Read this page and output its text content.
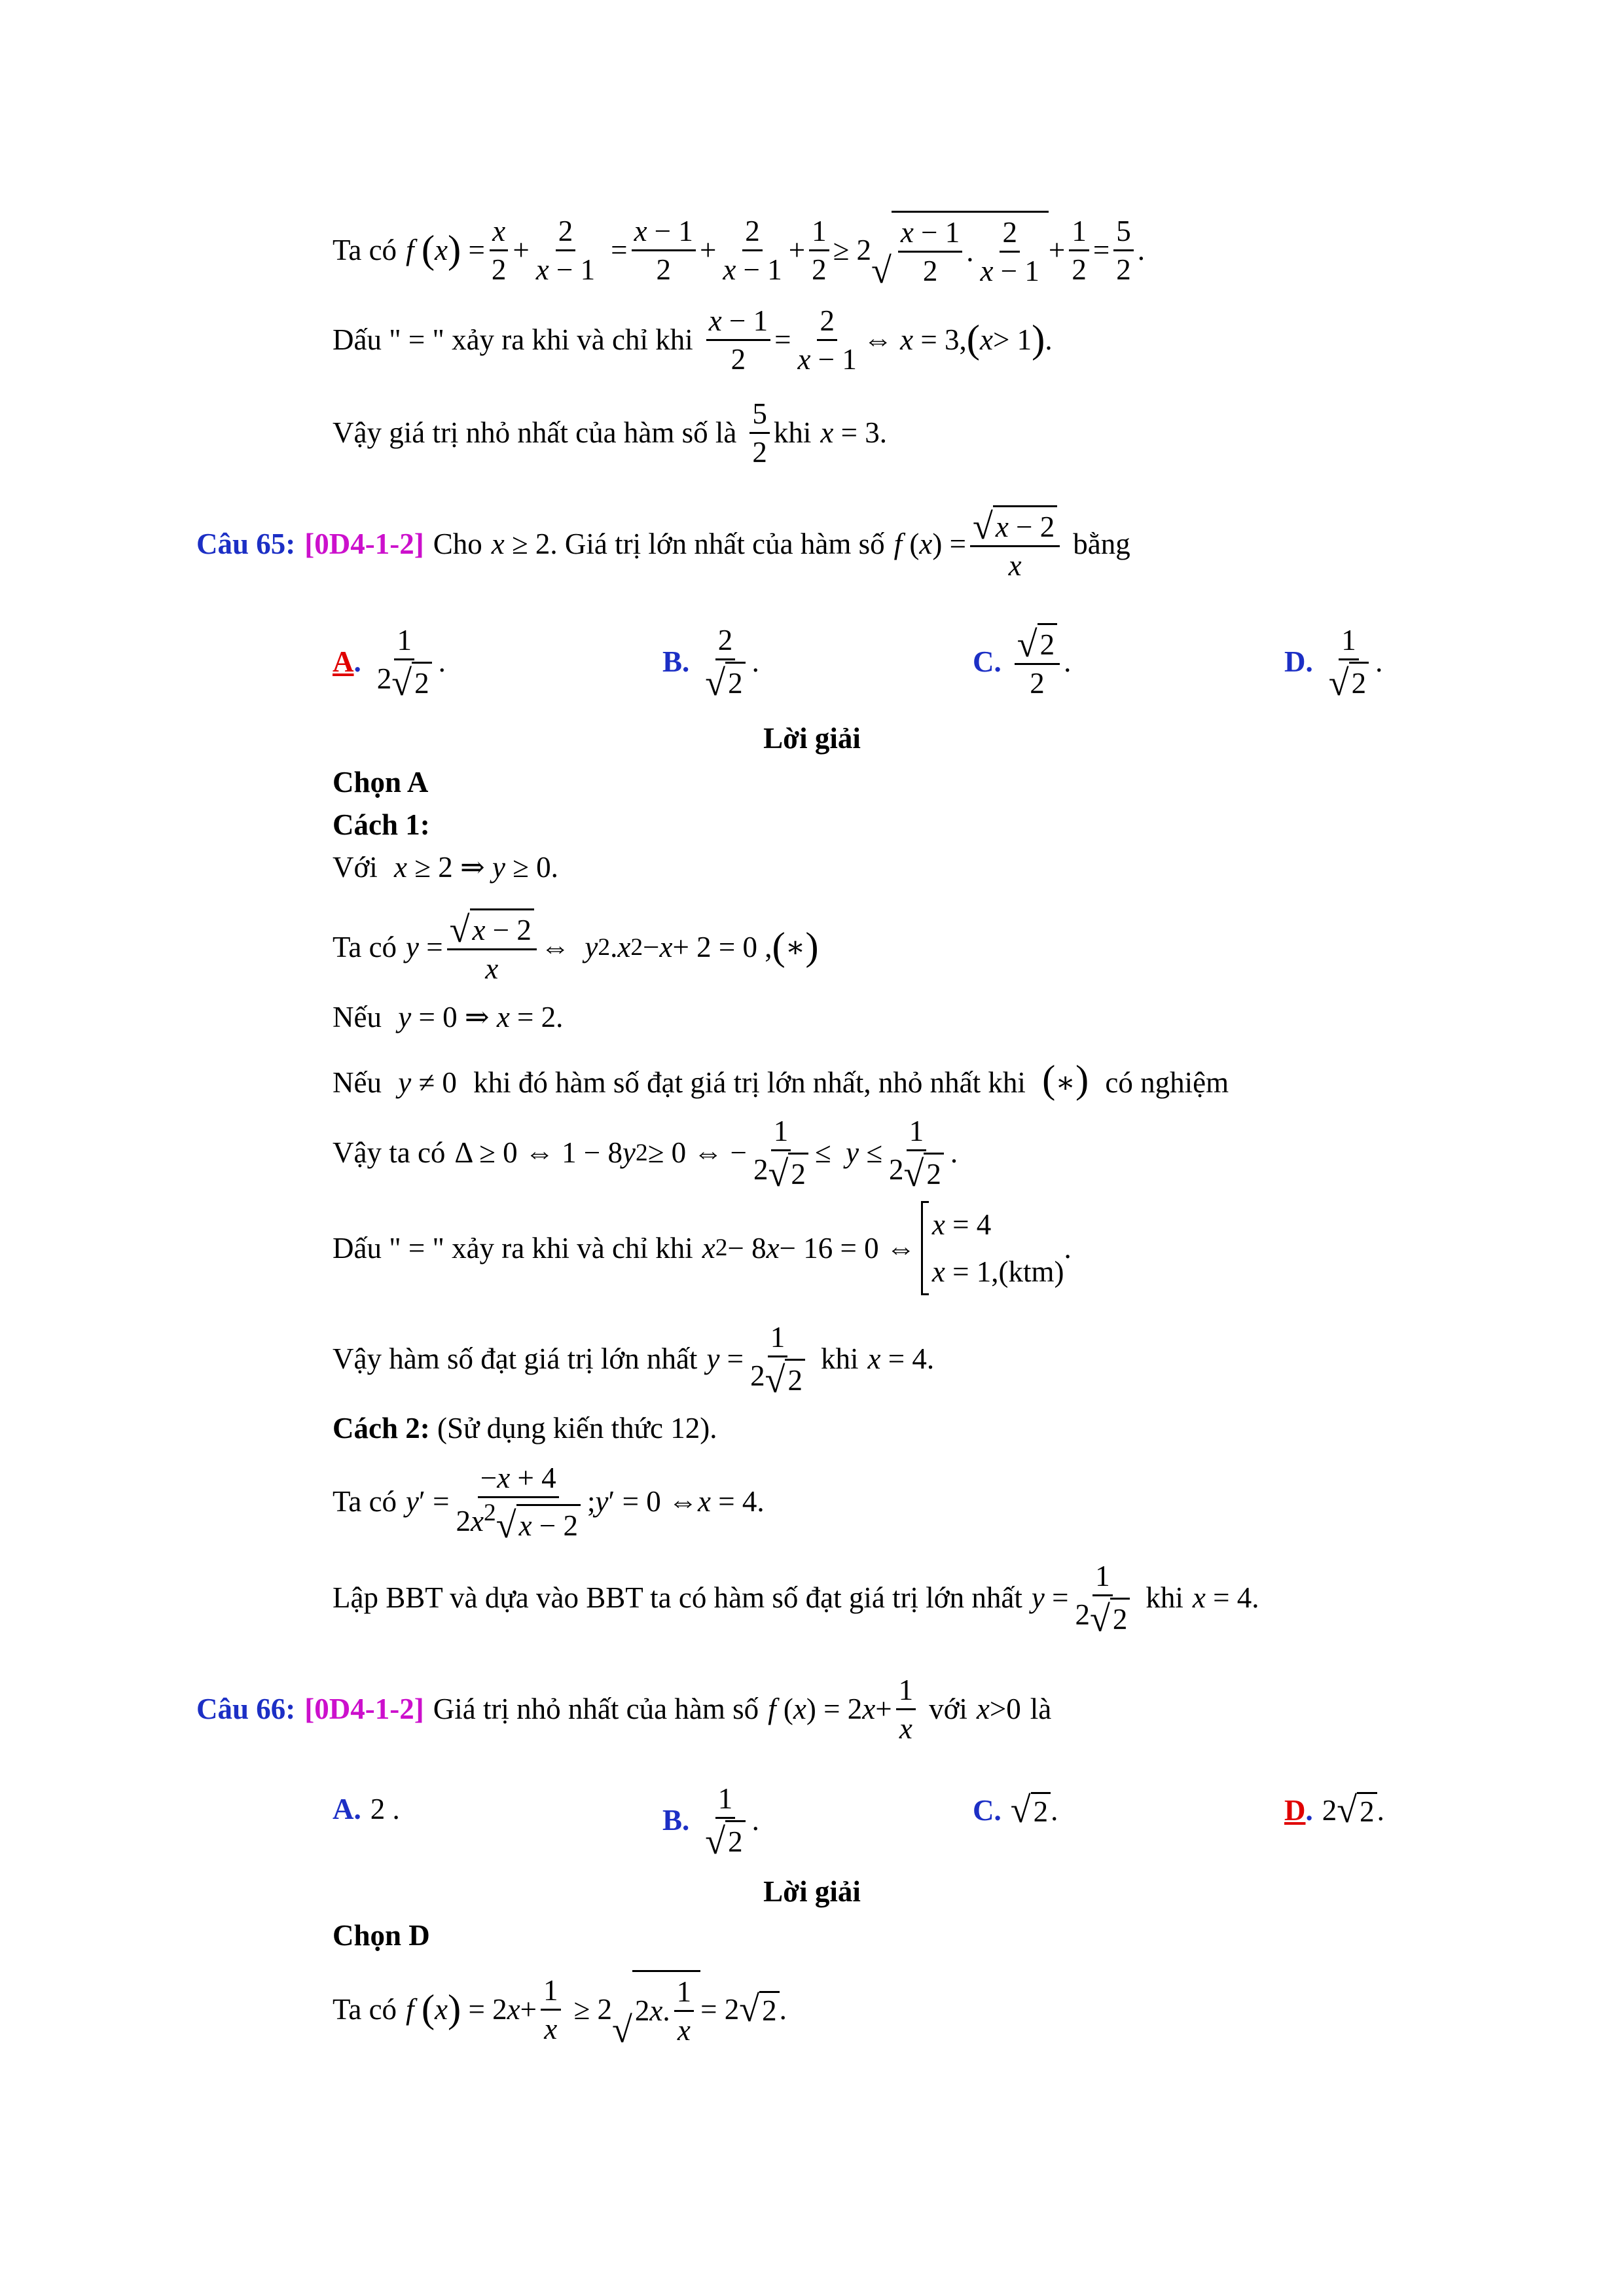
Ta có f
( x ) =
x
2
+
2
x − 1
=
x − 1
2
+
2
x − 1
+
1
2
≥ 2
√
x − 1
2
.
2
x − 1
+
1
2
=
5
2
.
Dấu " = " xảy ra khi và chỉ khi
x − 1
2
=
2
x − 1
⇔ x = 3, ( x > 1 ) .
Vậy giá trị nhỏ nhất của hàm số là
5
2
khi x = 3.
Câu 65: [0D4-1-2] Cho x ≥ 2 . Giá trị lớn nhất của hàm số f ( x ) = √ x − 2
x
bằng
A .
1
2 √ 2
.	B .
2
√ 2
.	C . √ 2
2
.	D .
1
√ 2
.
Lời giải
Chọn A
Cách 1:
Với x ≥ 2 ⇒ y ≥ 0.
Ta có y = √ x − 2
x
⇔ y 2 . x 2 − x + 2 = 0 , ( ∗ )
Nếu y = 0 ⇒ x = 2.
Nếu y ≠ 0 khi đó hàm số đạt giá trị lớn nhất, nhỏ nhất khi (∗) có nghiệm
Vậy ta có Δ ≥ 0 ⇔ 1 − 8 y 2 ≥ 0 ⇔ −
1
2 √ 2
≤ y ≤
1
2 √ 2
.
Dấu " = " xảy ra khi và chỉ khi x 2 − 8 x − 16 = 0 ⇔
x = 4
x = 1,(ktm)
.
Vậy hàm số đạt giá trị lớn nhất y =
1
2 √ 2
khi x = 4.
Cách 2: (Sử dụng kiến thức 12).
Ta có y ′ =
−x + 4
$2x^2$ √ x − 2
; y ′ = 0 ⇔ x = 4.
Lập BBT và dựa vào BBT ta có hàm số đạt giá trị lớn nhất y =
1
2 √ 2
khi x = 4.
Câu 66: [0D4-1-2] Giá trị nhỏ nhất của hàm số f ( x ) = 2 x +
1
x
với x >0 là
A . 2 .	B .
1
√ 2
.	C . √ 2 .	D . 2 √ 2 .
Lời giải
Chọn D
Ta có f
( x ) = 2 x +
1
x
≥ 2
√ 2 x .
1
x
= 2 √ 2 .
